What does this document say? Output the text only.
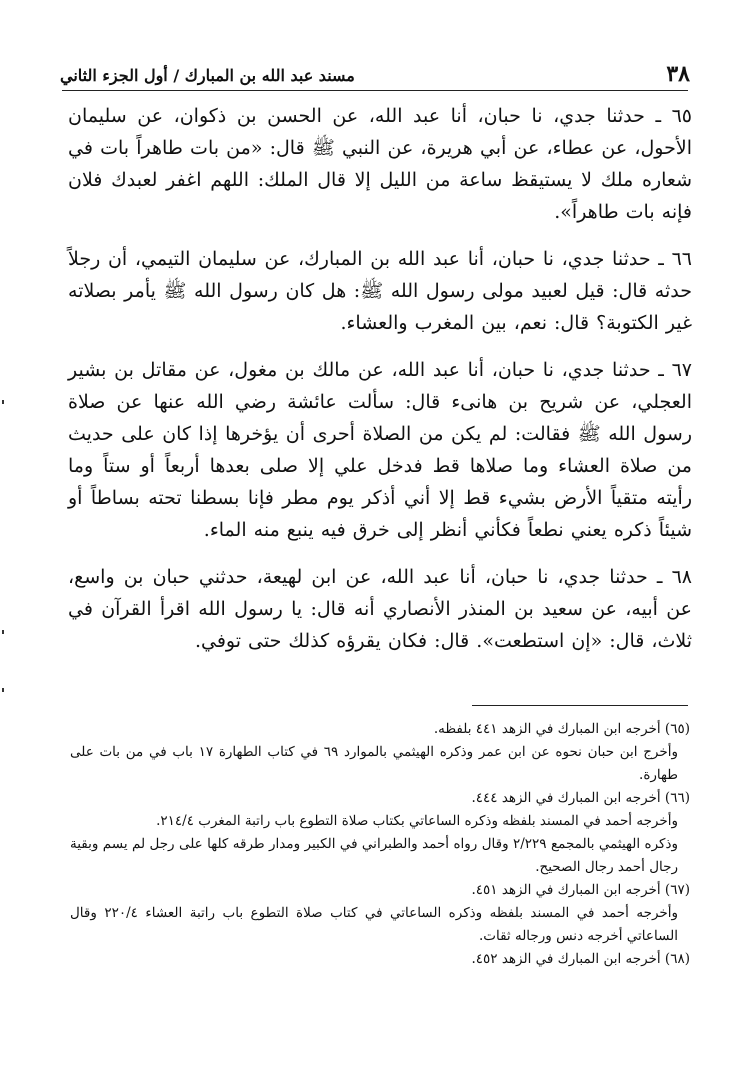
٣٨
مسند عبد الله بن المبارك / أول الجزء الثاني

٦٥ ـ حدثنا جدي، نا حبان، أنا عبد الله، عن الحسن بن ذكوان، عن سليمان الأحول، عن عطاء، عن أبي هريرة، عن النبي ﷺ قال: «من بات طاهراً بات في شعاره ملك لا يستيقظ ساعة من الليل إلا قال الملك: اللهم اغفر لعبدك فلان فإنه بات طاهراً».

٦٦ ـ حدثنا جدي، نا حبان، أنا عبد الله بن المبارك، عن سليمان التيمي، أن رجلاً حدثه قال: قيل لعبيد مولى رسول الله ﷺ: هل كان رسول الله ﷺ يأمر بصلاته غير الكتوبة؟ قال: نعم، بين المغرب والعشاء.

٦٧ ـ حدثنا جدي، نا حبان، أنا عبد الله، عن مالك بن مغول، عن مقاتل بن بشير العجلي، عن شريح بن هانىء قال: سألت عائشة رضي الله عنها عن صلاة رسول الله ﷺ فقالت: لم يكن من الصلاة أحرى أن يؤخرها إذا كان على حديث من صلاة العشاء وما صلاها قط فدخل علي إلا صلى بعدها أربعاً أو ستاً وما رأيته متقياً الأرض بشيء قط إلا أني أذكر يوم مطر فإنا بسطنا تحته بساطاً أو شيئاً ذكره يعني نطعاً فكأني أنظر إلى خرق فيه ينبع منه الماء.

٦٨ ـ حدثنا جدي، نا حبان، أنا عبد الله، عن ابن لهيعة، حدثني حبان بن واسع، عن أبيه، عن سعيد بن المنذر الأنصاري أنه قال: يا رسول الله اقرأ القرآن في ثلاث، قال: «إن استطعت». قال: فكان يقرؤه كذلك حتى توفي.

(٦٥) أخرجه ابن المبارك في الزهد ٤٤١ بلفظه.

وأخرج ابن حبان نحوه عن ابن عمر وذكره الهيثمي بالموارد ٦٩ في كتاب الطهارة ١٧ باب في من بات على طهارة.

(٦٦) أخرجه ابن المبارك في الزهد ٤٤٤.

وأخرجه أحمد في المسند بلفظه وذكره الساعاتي بكتاب صلاة التطوع باب راتبة المغرب ٢١٤/٤.

وذكره الهيثمي بالمجمع ٢/٢٢٩ وقال رواه أحمد والطبراني في الكبير ومدار طرقه كلها على رجل لم يسم وبقية رجال أحمد رجال الصحيح.

(٦٧) أخرجه ابن المبارك في الزهد ٤٥١.

وأخرجه أحمد في المسند بلفظه وذكره الساعاتي في كتاب صلاة التطوع باب راتبة العشاء ٢٢٠/٤ وقال الساعاتي أخرجه دنس ورجاله ثقات.

(٦٨) أخرجه ابن المبارك في الزهد ٤٥٢.
